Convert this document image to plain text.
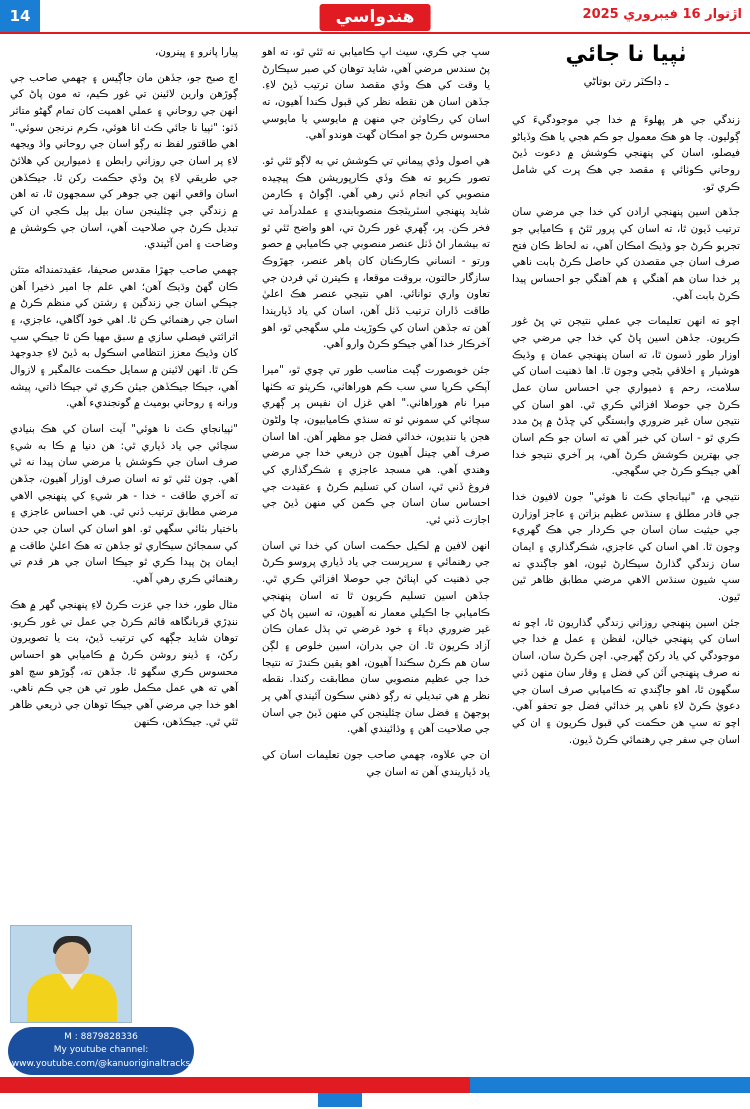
14	هندواسي	اڙتوار 16 فيبروري 2025
ٺپيا نا جائي
ـ ڊاڪٽر رتن بوتاڻي

زندگي جي هر پهلوءَ ۾ خدا جي موجودگيءَ کي ڳوليون. چا ھو ھڪ معمول جو ڪم ھجي يا هڪ وڏياڻو فيصلو، اسان کي پنهنجي ڪوشش ۾ دعوت ڏيڻ روحاني ڪوٺائي ۽ مقصد جي هڪ پرت کي شامل ڪري ٿو.

جڏهن اسين پنهنجي ارادن کي خدا جي مرضي سان ترتيب ڏيون ٿا، ته اسان کي پرور ٿئڻ ۽ ڪاميابي جو تجربو ڪرڻ جو وڌيڪ امڪان آهي، نه لحاظ ڪان فتح صرف اسان جي مقصدن کي حاصل ڪرڻ بابت ناهي پر خدا سان ھم آهنگي ۽ ھم آهنگي جو احساس پيدا ڪرڻ بابت آهي.

اچو ته انهن تعليمات جي عملي نتيجن تي ڀڻ غور ڪريون. جڏهن اسين ڀاڻ کي خدا جي مرضي جي اوزار طور ڏسون ٿا، ته اسان پنهنجي عمان ۽ وڌيڪ هوشيار ۽ اخلاقي بڻجي وجون ٿا. اها ذهنيت اسان کي سلامت، رحم ۽ ذميواري جي احساس سان عمل ڪرڻ جي حوصلا افزائي ڪري ٿي. اهو اسان کي نتيجن سان غير ضروري وابستگي کي ڇڏڻ ۾ پڻ مدد ڪري ٿو - اسان کي خبر آهي ته اسان جو ڪم اسان جي بهترين ڪوشش ڪرڻ آهي، پر آخري نتيجو خدا آهي جيڪو ڪرڻ جي سگهجي.

نتيجي ۾، "ٺپيانجاي ڪٽ نا ھوئي" جون لافيون خدا جي قادر مطلق ۽ سنڌس عظيم بزاتن ۽ عاجز اوزارن جي حيثيت سان اسان جي ڪردار جي هڪ گهريء وجون ٿا. اهي اسان کي عاجزي، شڪرگذاري ۽ ايمان سان زندگي گذارڻ سيڪارڻ ٿيون، اھو جاڳندي ته سڀ شيون سنڌس الاهي مرضي مطابق ظاهر ٿين ٿيون.

جئن اسين پنهنجي روزاني زندگي گذاريون ٿا، اچو ته اسان کي پنهنجي خيالن، لفظن ۽ عمل ۾ خدا جي موجودگي کي ياد رکڻ ڳهرجي. اچن ڪرڻ سان، اسان نه صرف پنهنجي آئن کي فضل ۽ وقار سان منهن ڏني سگهون ٿا، اھو جاڳندي ته ڪاميابي صرف اسان جي دعويٰ ڪرڻ لاءِ ناهي پر خدائي فضل جو تحفو آهي. اچو ته سڀ هن حڪمت کي قبول ڪريون ۽ ان کي اسان جي سفر جي رهنمائي ڪرڻ ڏيون.

سڀ جي ڪري، سيٺ اڀ ڪاميابي نه ٿئي ٿو، ته اهو پڻ سندس مرضي آهي، شايد توهان کي صبر سيڪارڻ يا وقت کي هڪ وڏي مقصد سان ترتيب ڏيڻ لاءِ. جڏهن اسان هن نقطه نظر کي قبول ڪندا آهيون، ته اسان کي رڪاوٽن جي منهن ۾ مايوسي يا مايوسي محسوس ڪرڻ جو امڪان گهٽ ھوندو آهي.

هي اصول وڏي پيماني تي ڪوشش تي به لاڳو ٿئي ٿو. تصور ڪريو ته هڪ وڏي ڪارپوريشن هڪ پيچيده منصوبي کي انجام ڏني رهي آهي. اڳواڻ ۽ ڪارمن شايد پنهنجي اسٽريٽجڪ منصوبابندي ۽ عملدرآمد تي فخر ڪن. پر، ڳهري غور ڪرڻ تي، اهو واضح ٿئي ٿو ته بيشمار اڻ ڏٺل عنصر منصوبي جي ڪاميابي ۾ حصو ورتو - انساني ڪارڪنان کان ٻاهر عنصر، جهڙوڪ سازگار حالتون، بروقت موقعا، ۽ ڪيترن ئي فردن جي تعاون واري توانائي. اهي نتيجي عنصر هڪ اعليٰ طاقت ڏاران ترتيب ڏٺل آهن، اسان کي ياد ڏياريندا آهن ته جڏهن اسان کي ڪوڙيٺ ملي سگهجي ٿو، اهو آخرڪار خدا آهي جيڪو ڪرڻ وارو آهي.

جئن خوبصورت ڳيت مناسب طور تي چوي ٿو، "ميرا آپڪي ڪرپا سي سب ڪم هوراهاٺي، ڪريٺو ته ڪٺها ميرا نام هوراهاٺي." اهي غزل ان نفيس پر ڳهري سچائي کي سموني ٿو ته سنڌي ڪاميابيون، چا ولڻون هجن يا ننڍيون، خدائي فضل جو مظهر آهن. اها اسان صرف آهي چينل آهيون جن ذريعي خدا جي مرضي وهندي آهي. هي مسجد عاجزي ۽ شڪرگذاري کي فروغ ڏني ٿي، اسان کي تسليم ڪرڻ ۽ عقيدت جي احساس سان اسان جي ڪمن کي منهن ڏيڻ جي اجازت ڏني ٿي.

انهن لافين ۾ لڪيل حڪمت اسان کي خدا تي اسان جي رهنمائي ۽ سرپرست جي ياد ڏياري پروسو ڪرڻ جي ذهنيت کي اپنائڻ جي حوصلا افزائي ڪري ٿي. جڏهن اسين تسليم ڪريون ٿا ته اسان پنهنجي ڪاميابي جا اڪيلي معمار نه آهيون، ته اسين پاڻ کي غير ضروري دٻاءَ ۽ خود غرضي تي ٻڌل عمان ڪان آزاد ڪريون ٿا. ان جي بدران، اسين خلوص ۽ لڳن سان هم ڪرڻ سڪندا آهيون، اهو يقين ڪندڙ ته نتيجا خدا جي عظيم منصوبي سان مطابقت رکندا. نقطه نظر ۾ هي تبديلي نه رڳو ذهني سڪون آئيندي آهي پر ٻوجهڻ ۽ فضل سان چئلينجن کي منهن ڏيڻ جي اسان جي صلاحيت آهن ۽ وڌائيندي آهي.

ان جي علاوه، ڄهمي صاحب جون تعليمات اسان کي ياد ڏياريندي آهن ته اسان جي

پيارا پانرو ۽ ڀينرون،

اڄ صبح جو، جڏهن مان جاڳيس ۽ ڄهمي صاحب جي ڳوڙهن وارين لائينن تي غور ڪيم، ته مون پاڻ کي انهن جي روحاني ۽ عملي اهميت کان تمام گهڻو متاثر ڏٺو: "ٺپيا نا جائي ڪٺ انا ھوئي، ڪرم نرنجن سوئي." اهي طاقتور لفظ نه رڳو اسان جي روحاني واڌ ويجهه لاءِ پر اسان جي روزاني رابطن ۽ ذميوارين کي هلائڻ جي طريقي لاءِ پڻ وڏي حڪمت رکن ٿا. جيڪڏهن اسان واقعي انهن جي جوهر کي سمجهون ٿا، ته اهن ۾ زندگي جي چئلينجن سان بيل ٻيل ڪجي ان کي تبديل ڪرڻ جي صلاحيت آهي، اسان جي ڪوشش ۾ وضاحت ۽ امن آڻيندي.

ڄهمي صاحب جهڙا مقدس صحيفا، عقيدتمنداڻه متئن ڪان گهڻ وڌيڪ آهن؛ اهي علم جا امير ذخيرا آهن جيڪي اسان جي زندگين ۽ رشتن کي منظم ڪرڻ ۾ اسان جي رهنمائي ڪن ٿا. اهي خود آگاهي، عاجزي، ۽ اثرائتي فيصلي سازي ۾ سبق مهيا ڪن ٿا جيڪي سڀ کان وڌيڪ معزز انتظامي اسڪول به ڏيڻ لاءِ جدوجهد ڪن ٿا. انهن لائينن ۾ سمايل حڪمت عالمگير ۽ لازوال آهي، جيڪا جيڪڏهن جيئن ڪري ٿي جيڪا ذاتي، پيشه ورانه ۽ روحاني بوميٺ ۾ گونجنديء آهي.

"ٺپيانجاي ڪٽ نا هوئي" آيت اسان کي هڪ بنيادي سچائي جي ياد ڏياري ٿي: هن دنيا ۾ ڪا به شيءِ صرف اسان جي ڪوشش يا مرضي سان پيدا نه ٿي آهي. ڄون ٿئي ٿو ته اسان صرف اوزار آهيون، جڏهن ته آخري طاقت - خدا - هر شيءِ کي پنهنجي الاهي مرضي مطابق ترتيب ڏني ٿي. هي احساس عاجزي ۽ باختيار بٽائي سگهي ٿو. اهو اسان کي اسان جي حدن کي سمجائڻ سيڪاري ٿو جڏهن ته هڪ اعليٰ طاقت ۾ ايمان پڻ پيدا ڪري ٿو جيڪا اسان جي هر قدم تي رهنمائي ڪري رهي آهي.

مثال طور، خدا جي عزت ڪرڻ لاءِ پنهنجي گهر ۾ هڪ ننڍڙي قربانگاهه قائم ڪرڻ جي عمل تي غور ڪريو. توهان شايد جڳهه کي ترتيب ڏيڻ، بت يا تصويرون رکڻ، ۽ ڏينو روشن ڪرڻ ۾ ڪاميابي هو احساس محسوس ڪري سگهو ٿا. جڏهن ته، ڳوڙهو سچ اهو آهي ته هي عمل مڪمل طور تي هن جي ڪم ناهي. اهو خدا جي مرضي آهي جيڪا توهان جي ذريعي ظاهر ٿئي ٿي. جيڪڏهن، ڪنهن

M : 8879828336
My youtube channel:
www.youtube.com/@kanuoriginaltracks
